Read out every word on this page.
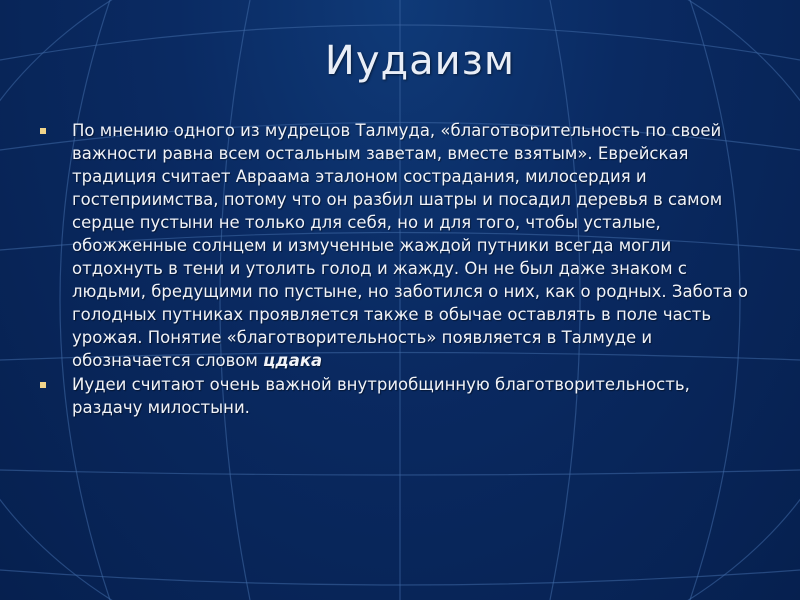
Иудаизм
По мнению одного из мудрецов Талмуда, «благотворительность по своей важности равна всем остальным заветам, вместе взятым». Еврейская традиция считает Авраама эталоном сострадания, милосердия и гостеприимства, потому что он разбил шатры и посадил деревья в самом сердце пустыни не только для себя, но и для того, чтобы усталые, обожженные солнцем и измученные жаждой путники всегда могли отдохнуть в тени и утолить голод и жажду. Он не был даже знаком с людьми, бредущими по пустыне, но заботился о них, как о родных. Забота о голодных путниках проявляется также в обычае оставлять в поле часть урожая. Понятие «благотворительность» появляется в Талмуде и обозначается словом цдака
Иудеи считают очень важной внутриобщинную благотворительность, раздачу милостыни.
